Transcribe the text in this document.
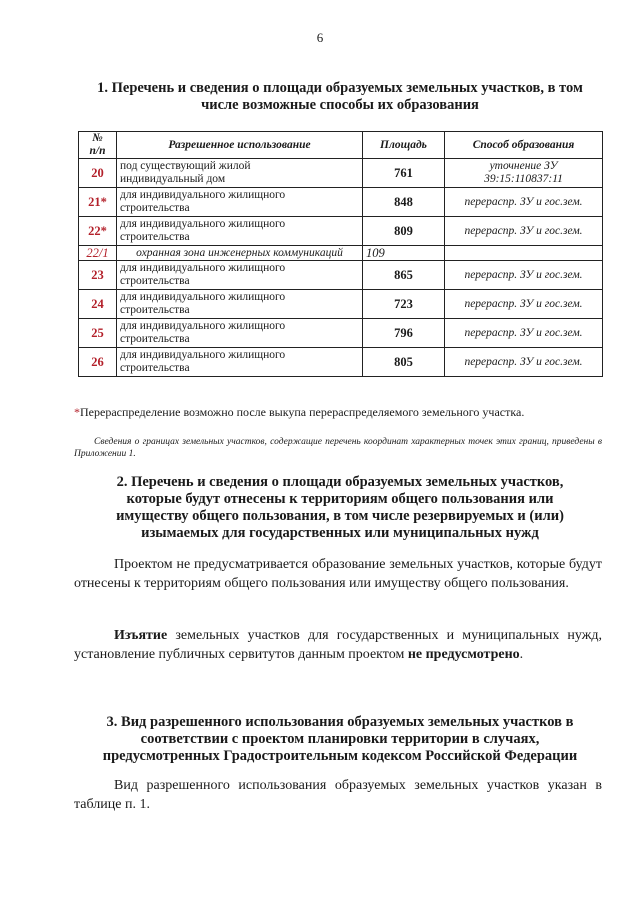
6
1. Перечень и сведения о площади образуемых земельных участков, в том
числе возможные способы их образования
№
п/п	Разрешенное использование	Площадь	Способ образования
20	под существующий жилой
индивидуальный дом	761	уточнение ЗУ
39:15:110837:11
21*	для индивидуального жилищного
строительства	848	перераспр. ЗУ и гос.зем.
22*	для индивидуального жилищного
строительства	809	перераспр. ЗУ и гос.зем.
22/1	охранная зона инженерных коммуникаций	109	
23	для индивидуального жилищного
строительства	865	перераспр. ЗУ и гос.зем.
24	для индивидуального жилищного
строительства	723	перераспр. ЗУ и гос.зем.
25	для индивидуального жилищного
строительства	796	перераспр. ЗУ и гос.зем.
26	для индивидуального жилищного
строительства	805	перераспр. ЗУ и гос.зем.
*Перераспределение возможно после выкупа перераспределяемого земельного участка.
Сведения о границах земельных участков, содержащие перечень координат характерных точек этих границ, приведены в Приложении 1.
2. Перечень и сведения о площади образуемых земельных участков,
которые будут отнесены к территориям общего пользования или
имуществу общего пользования, в том числе резервируемых и (или)
изымаемых для государственных или муниципальных нужд
Проектом не предусматривается образование земельных участков, которые будут отнесены к территориям общего пользования или имуществу общего пользования.
Изъятие земельных участков для государственных и муниципальных нужд, установление публичных сервитутов данным проектом не предусмотрено.
3. Вид разрешенного использования образуемых земельных участков в
соответствии с проектом планировки территории в случаях,
предусмотренных Градостроительным кодексом Российской Федерации
Вид разрешенного использования образуемых земельных участков указан в таблице п. 1.
